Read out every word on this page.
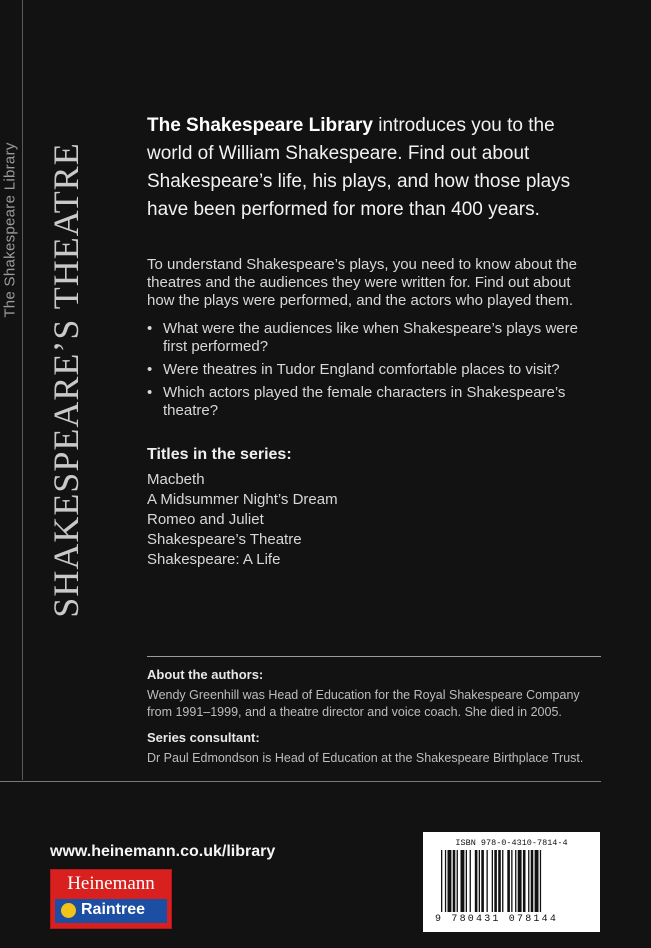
The Shakespeare Library SHAKESPEARE’S THEATRE

The Shakespeare Library introduces you to the world of William Shakespeare. Find out about Shakespeare’s life, his plays, and how those plays have been performed for more than 400 years.

To understand Shakespeare’s plays, you need to know about the theatres and the audiences they were written for. Find out about how the plays were performed, and the actors who played them.

• What were the audiences like when Shakespeare’s plays were first performed?
• Were theatres in Tudor England comfortable places to visit?
• Which actors played the female characters in Shakespeare’s theatre?
Titles in the series:
Macbeth
A Midsummer Night’s Dream
Romeo and Juliet
Shakespeare’s Theatre
Shakespeare: A Life
About the authors:
Wendy Greenhill was Head of Education for the Royal Shakespeare Company from 1991–1999, and a theatre director and voice coach. She died in 2005.
Series consultant:
Dr Paul Edmondson is Head of Education at the Shakespeare Birthplace Trust.
www.heinemann.co.uk/library
Heinemann
Raintree
ISBN 978-0-4310-7814-4
9 780431 078144
